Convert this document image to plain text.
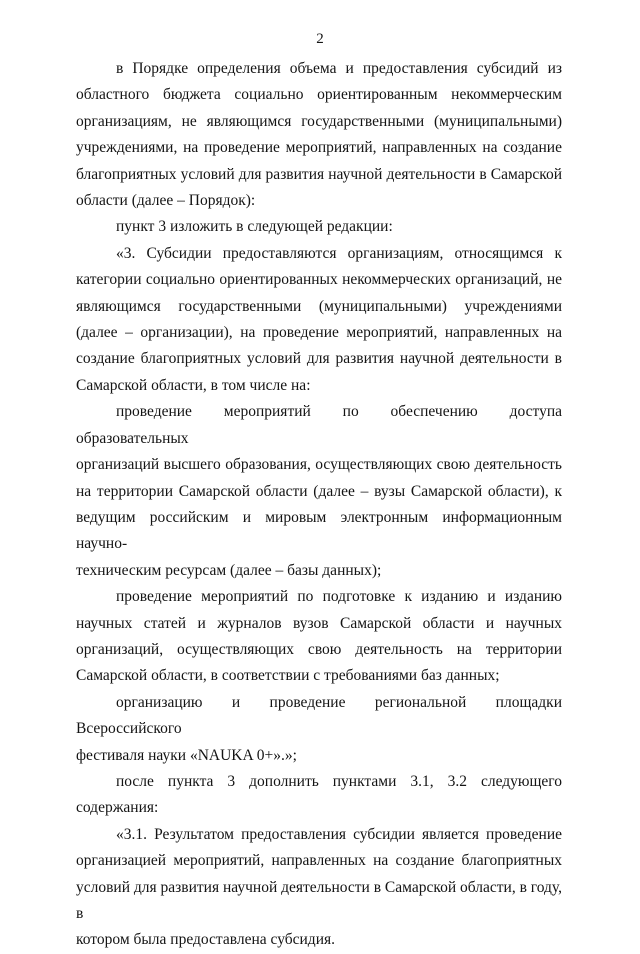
2
в Порядке определения объема и предоставления субсидий из
областного бюджета социально ориентированным некоммерческим
организациям, не являющимся государственными (муниципальными)
учреждениями, на проведение мероприятий, направленных на создание
благоприятных условий для развития научной деятельности в Самарской
области (далее – Порядок):
пункт 3 изложить в следующей редакции:
«3. Субсидии предоставляются организациям, относящимся к
категории социально ориентированных некоммерческих организаций, не
являющимся государственными (муниципальными) учреждениями
(далее – организации), на проведение мероприятий, направленных на
создание благоприятных условий для развития научной деятельности в
Самарской области, в том числе на:
проведение мероприятий по обеспечению доступа образовательных
организаций высшего образования, осуществляющих свою деятельность
на территории Самарской области (далее – вузы Самарской области), к
ведущим российским и мировым электронным информационным научно-
техническим ресурсам (далее – базы данных);
проведение мероприятий по подготовке к изданию и изданию
научных статей и журналов вузов Самарской области и научных
организаций, осуществляющих свою деятельность на территории
Самарской области, в соответствии с требованиями баз данных;
организацию и проведение региональной площадки Всероссийского
фестиваля науки «NAUKA 0+».»;
после пункта 3 дополнить пунктами 3.1, 3.2 следующего содержания:
«3.1. Результатом предоставления субсидии является проведение
организацией мероприятий, направленных на создание благоприятных
условий для развития научной деятельности в Самарской области, в году, в
котором была предоставлена субсидия.
